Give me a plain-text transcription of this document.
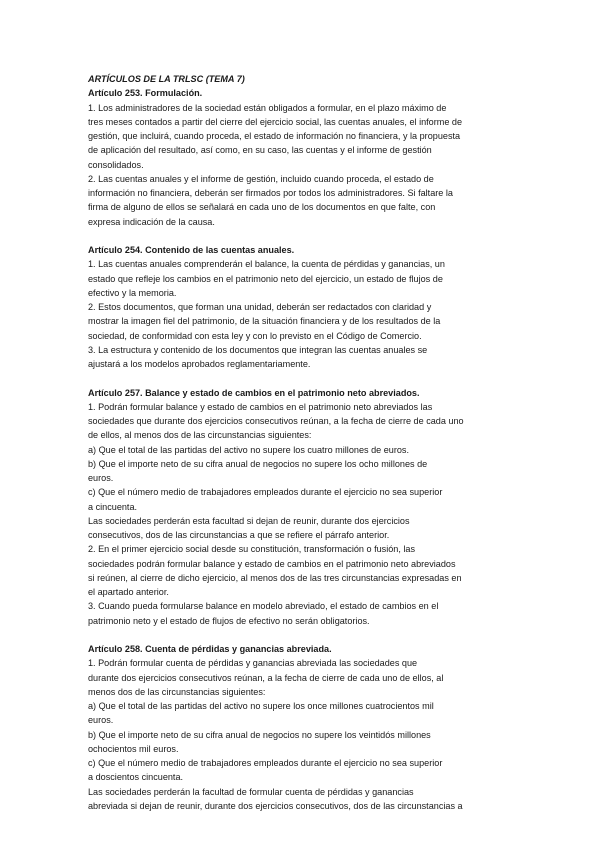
ARTÍCULOS DE LA TRLSC (TEMA 7)
Artículo 253. Formulación.
1. Los administradores de la sociedad están obligados a formular, en el plazo máximo de
tres meses contados a partir del cierre del ejercicio social, las cuentas anuales, el informe de
gestión, que incluirá, cuando proceda, el estado de información no financiera, y la propuesta
de aplicación del resultado, así como, en su caso, las cuentas y el informe de gestión
consolidados.
2. Las cuentas anuales y el informe de gestión, incluido cuando proceda, el estado de
información no financiera, deberán ser firmados por todos los administradores. Si faltare la
firma de alguno de ellos se señalará en cada uno de los documentos en que falte, con
expresa indicación de la causa.
Artículo 254. Contenido de las cuentas anuales.
1. Las cuentas anuales comprenderán el balance, la cuenta de pérdidas y ganancias, un
estado que refleje los cambios en el patrimonio neto del ejercicio, un estado de flujos de
efectivo y la memoria.
2. Estos documentos, que forman una unidad, deberán ser redactados con claridad y
mostrar la imagen fiel del patrimonio, de la situación financiera y de los resultados de la
sociedad, de conformidad con esta ley y con lo previsto en el Código de Comercio.
3. La estructura y contenido de los documentos que integran las cuentas anuales se
ajustará a los modelos aprobados reglamentariamente.
Artículo 257. Balance y estado de cambios en el patrimonio neto abreviados.
1. Podrán formular balance y estado de cambios en el patrimonio neto abreviados las
sociedades que durante dos ejercicios consecutivos reúnan, a la fecha de cierre de cada uno
de ellos, al menos dos de las circunstancias siguientes:
a) Que el total de las partidas del activo no supere los cuatro millones de euros.
b) Que el importe neto de su cifra anual de negocios no supere los ocho millones de
euros.
c) Que el número medio de trabajadores empleados durante el ejercicio no sea superior
a cincuenta.
Las sociedades perderán esta facultad si dejan de reunir, durante dos ejercicios
consecutivos, dos de las circunstancias a que se refiere el párrafo anterior.
2. En el primer ejercicio social desde su constitución, transformación o fusión, las
sociedades podrán formular balance y estado de cambios en el patrimonio neto abreviados
si reúnen, al cierre de dicho ejercicio, al menos dos de las tres circunstancias expresadas en
el apartado anterior.
3. Cuando pueda formularse balance en modelo abreviado, el estado de cambios en el
patrimonio neto y el estado de flujos de efectivo no serán obligatorios.
Artículo 258. Cuenta de pérdidas y ganancias abreviada.
1. Podrán formular cuenta de pérdidas y ganancias abreviada las sociedades que
durante dos ejercicios consecutivos reúnan, a la fecha de cierre de cada uno de ellos, al
menos dos de las circunstancias siguientes:
a) Que el total de las partidas del activo no supere los once millones cuatrocientos mil
euros.
b) Que el importe neto de su cifra anual de negocios no supere los veintidós millones
ochocientos mil euros.
c) Que el número medio de trabajadores empleados durante el ejercicio no sea superior
a doscientos cincuenta.
Las sociedades perderán la facultad de formular cuenta de pérdidas y ganancias
abreviada si dejan de reunir, durante dos ejercicios consecutivos, dos de las circunstancias a
